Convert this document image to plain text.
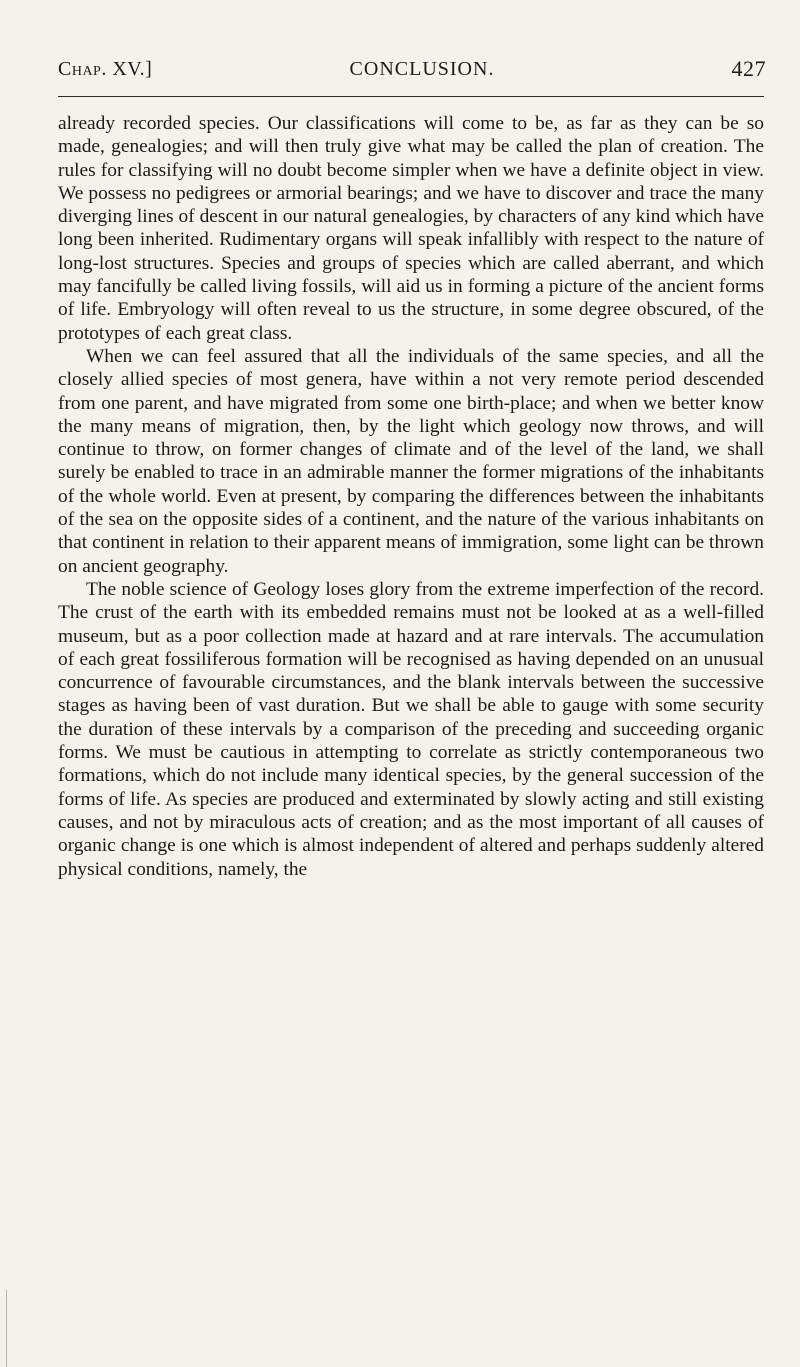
Chap. XV.]	CONCLUSION.	427

already recorded species. Our classifications will come to be, as far as they can be so made, genealogies; and will then truly give what may be called the plan of creation. The rules for classifying will no doubt become simpler when we have a definite object in view. We possess no pedigrees or armorial bearings; and we have to discover and trace the many diverging lines of descent in our natural genealogies, by characters of any kind which have long been inherited. Rudimentary organs will speak infallibly with respect to the nature of long-lost structures. Species and groups of species which are called aberrant, and which may fancifully be called living fossils, will aid us in forming a picture of the ancient forms of life. Embryology will often reveal to us the structure, in some degree obscured, of the prototypes of each great class.

When we can feel assured that all the individuals of the same species, and all the closely allied species of most genera, have within a not very remote period descended from one parent, and have migrated from some one birth-place; and when we better know the many means of migration, then, by the light which geology now throws, and will continue to throw, on former changes of climate and of the level of the land, we shall surely be enabled to trace in an admirable manner the former migrations of the inhabitants of the whole world. Even at present, by comparing the differences between the inhabitants of the sea on the opposite sides of a continent, and the nature of the various inhabitants on that continent in relation to their apparent means of immigration, some light can be thrown on ancient geography.

The noble science of Geology loses glory from the extreme imperfection of the record. The crust of the earth with its embedded remains must not be looked at as a well-filled museum, but as a poor collection made at hazard and at rare intervals. The accumulation of each great fossiliferous formation will be recognised as having depended on an unusual concurrence of favourable circumstances, and the blank intervals between the successive stages as having been of vast duration. But we shall be able to gauge with some security the duration of these intervals by a comparison of the preceding and succeeding organic forms. We must be cautious in attempting to correlate as strictly contemporaneous two formations, which do not include many identical species, by the general succession of the forms of life. As species are produced and exterminated by slowly acting and still existing causes, and not by miraculous acts of creation; and as the most important of all causes of organic change is one which is almost independent of altered and perhaps suddenly altered physical conditions, namely, the
